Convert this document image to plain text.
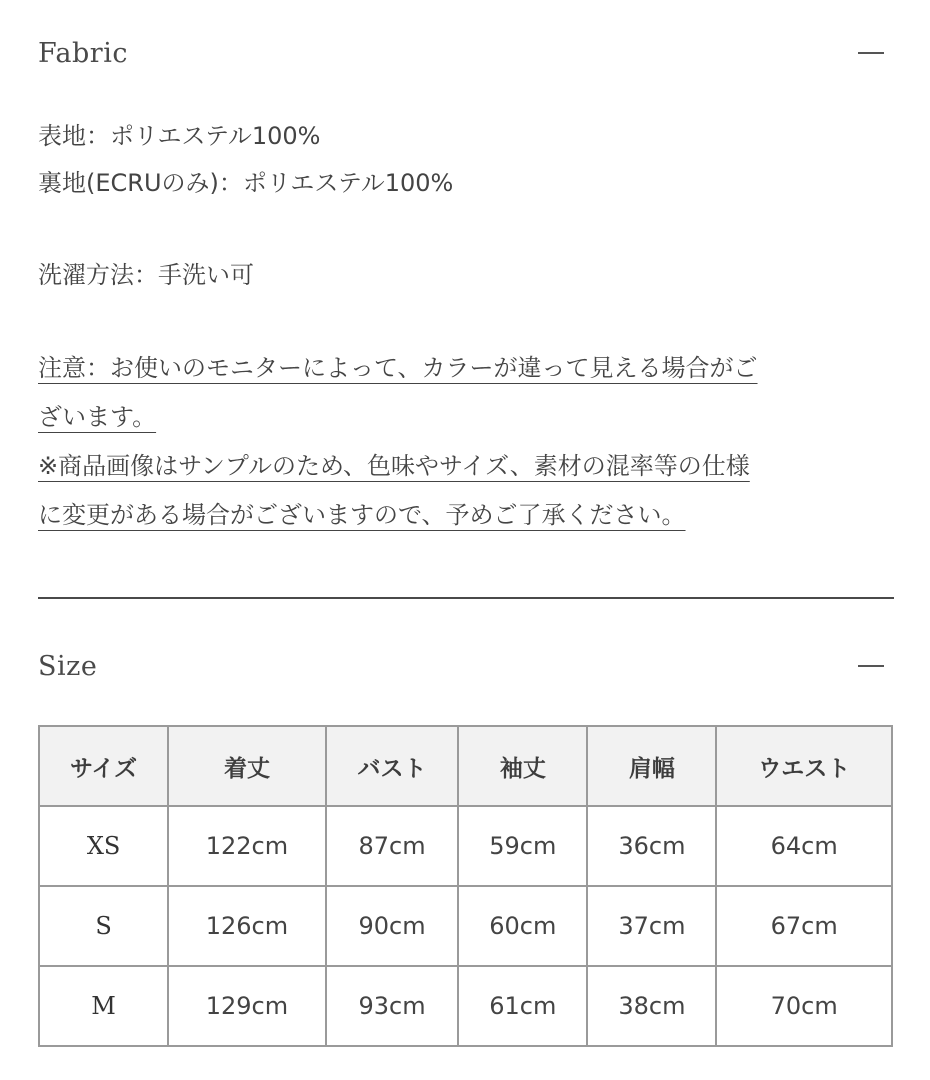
Fabric
表地：ポリエステル100%
裏地(ECRUのみ)：ポリエステル100%
洗濯方法：手洗い可
注意：お使いのモニターによって、カラーが違って見える場合がご
ざいます。
※商品画像はサンプルのため、色味やサイズ、素材の混率等の仕様
に変更がある場合がございますので、予めご了承ください。
Size
サイズ	着丈	バスト	袖丈	肩幅	ウエスト
XS	122cm	87cm	59cm	36cm	64cm
S	126cm	90cm	60cm	37cm	67cm
M	129cm	93cm	61cm	38cm	70cm
